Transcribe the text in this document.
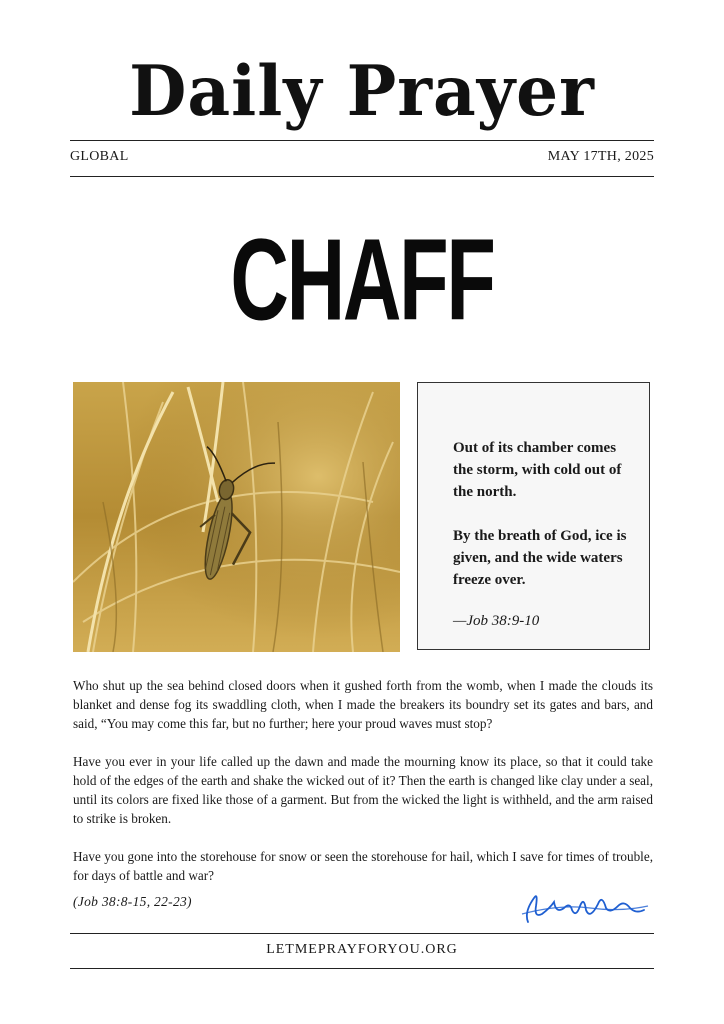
Daily Prayer
GLOBAL	MAY 17TH, 2025
CHAFF

Out of its chamber comes the storm, with cold out of the north.

By the breath of God, ice is given, and the wide waters freeze over.

—Job 38:9-10

Who shut up the sea behind closed doors when it gushed forth from the womb, when I made the clouds its blanket and dense fog its swaddling cloth, when I made the breakers its boundry set its gates and bars, and said, “You may come this far, but no further; here your proud waves must stop?

Have you ever in your life called up the dawn and made the mourning know its place, so that it could take hold of the edges of the earth and shake the wicked out of it? Then the earth is changed like clay under a seal, until its colors are fixed like those of a garment. But from the wicked the light is withheld, and the arm raised to strike is broken.

Have you gone into the storehouse for snow or seen the storehouse for hail, which I save for times of trouble, for days of battle and war?

(Job 38:8-15, 22-23)
LETMEPRAYFORYOU.ORG
